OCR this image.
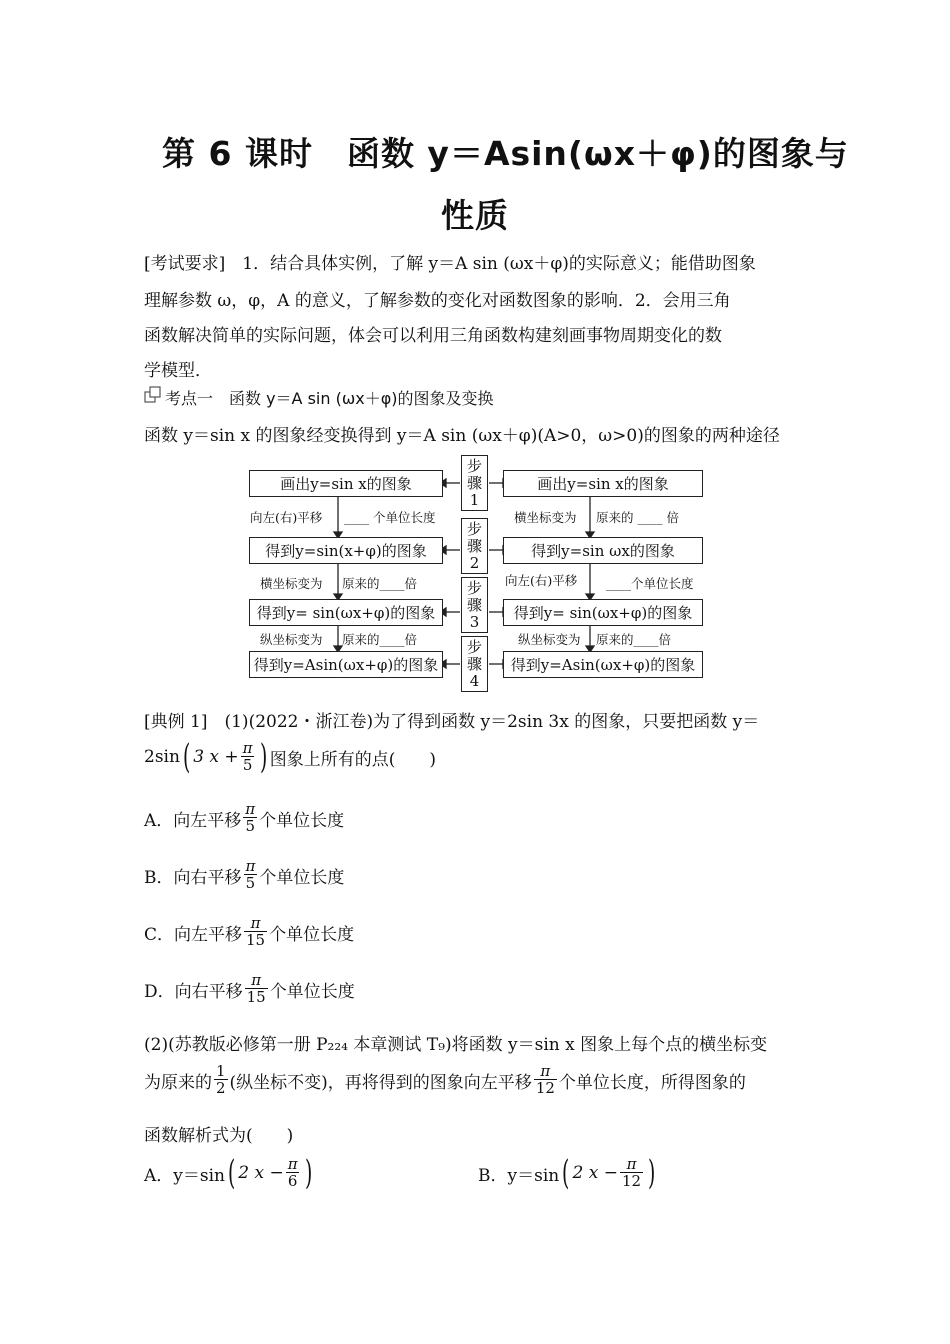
第 6 课时　函数 y＝Asin(ωx＋φ)的图象与
性质
[考试要求]　1．结合具体实例，了解 y＝A sin (ωx＋φ)的实际意义；能借助图象
理解参数 ω，φ，A 的意义，了解参数的变化对函数图象的影响．2．会用三角
函数解决简单的实际问题，体会可以利用三角函数构建刻画事物周期变化的数
学模型．
考点一　函数 y＝A sin (ωx＋φ)的图象及变换
函数 y＝sin x 的图象经变换得到 y＝A sin (ωx＋φ)(A>0，ω>0)的图象的两种途径
画出y=sin x的图象
得到y=sin(x+φ)的图象
得到y= sin(ωx+φ)的图象
得到y=Asin(ωx+φ)的图象
画出y=sin x的图象
得到y=sin ωx的图象
得到y= sin(ωx+φ)的图象
得到y=Asin(ωx+φ)的图象
步
骤
1
步
骤
2
步
骤
3
步
骤
4
向左(右)平移 ____ 个单位长度
横坐标变为 原来的____倍
纵坐标变为 原来的____倍
横坐标变为 原来的 ____ 倍
向左(右)平移 ____个单位长度
纵坐标变为 原来的____倍
[典例 1]　(1)(2022・浙江卷)为了得到函数 y＝2sin 3x 的图象，只要把函数 y＝
2sin ( 3 $x + \frac{\pi}{5}$ ) 图象上所有的点(　　)
A．向左平移 $\frac{\pi}{5}$ 个单位长度
B．向右平移 $\frac{\pi}{5}$ 个单位长度
C．向左平移 $\frac{\pi}{15}$ 个单位长度
D．向右平移 $\frac{\pi}{15}$ 个单位长度
(2)(苏教版必修第一册 P₂₂₄ 本章测试 T₉)将函数 y＝sin x 图象上每个点的横坐标变
为原来的 $\frac{1}{2}$ (纵坐标不变)，再将得到的图象向左平移 $\frac{\pi}{12}$ 个单位长度，所得图象的
函数解析式为(　　)
A．y＝sin ( 2 $x - \frac{\pi}{6}$ )	B．y＝sin ( 2 $x - \frac{\pi}{12}$ )
